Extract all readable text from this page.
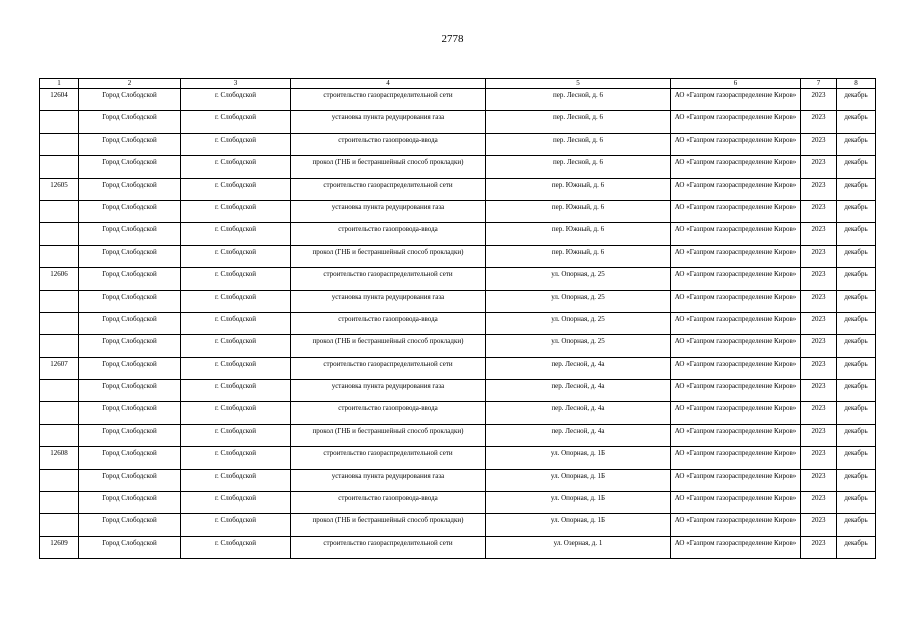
2778
1	2	3	4	5	6	7	8
12604	Город Слободской	г. Слободской	строительство газораспределительной сети	пер. Лесной, д. 6	АО «Газпром газораспределение Киров»	2023	декабрь
	Город Слободской	г. Слободской	установка пункта редуцирования газа	пер. Лесной, д. 6	АО «Газпром газораспределение Киров»	2023	декабрь
	Город Слободской	г. Слободской	строительство газопровода-ввода	пер. Лесной, д. 6	АО «Газпром газораспределение Киров»	2023	декабрь
	Город Слободской	г. Слободской	прокол (ГНБ и бестраншейный способ прокладки)	пер. Лесной, д. 6	АО «Газпром газораспределение Киров»	2023	декабрь
12605	Город Слободской	г. Слободской	строительство газораспределительной сети	пер. Южный, д. 6	АО «Газпром газораспределение Киров»	2023	декабрь
	Город Слободской	г. Слободской	установка пункта редуцирования газа	пер. Южный, д. 6	АО «Газпром газораспределение Киров»	2023	декабрь
	Город Слободской	г. Слободской	строительство газопровода-ввода	пер. Южный, д. 6	АО «Газпром газораспределение Киров»	2023	декабрь
	Город Слободской	г. Слободской	прокол (ГНБ и бестраншейный способ прокладки)	пер. Южный, д. 6	АО «Газпром газораспределение Киров»	2023	декабрь
12606	Город Слободской	г. Слободской	строительство газораспределительной сети	ул. Опорная, д. 25	АО «Газпром газораспределение Киров»	2023	декабрь
	Город Слободской	г. Слободской	установка пункта редуцирования газа	ул. Опорная, д. 25	АО «Газпром газораспределение Киров»	2023	декабрь
	Город Слободской	г. Слободской	строительство газопровода-ввода	ул. Опорная, д. 25	АО «Газпром газораспределение Киров»	2023	декабрь
	Город Слободской	г. Слободской	прокол (ГНБ и бестраншейный способ прокладки)	ул. Опорная, д. 25	АО «Газпром газораспределение Киров»	2023	декабрь
12607	Город Слободской	г. Слободской	строительство газораспределительной сети	пер. Лесной, д. 4а	АО «Газпром газораспределение Киров»	2023	декабрь
	Город Слободской	г. Слободской	установка пункта редуцирования газа	пер. Лесной, д. 4а	АО «Газпром газораспределение Киров»	2023	декабрь
	Город Слободской	г. Слободской	строительство газопровода-ввода	пер. Лесной, д. 4а	АО «Газпром газораспределение Киров»	2023	декабрь
	Город Слободской	г. Слободской	прокол (ГНБ и бестраншейный способ прокладки)	пер. Лесной, д. 4а	АО «Газпром газораспределение Киров»	2023	декабрь
12608	Город Слободской	г. Слободской	строительство газораспределительной сети	ул. Опорная, д. 1Б	АО «Газпром газораспределение Киров»	2023	декабрь
	Город Слободской	г. Слободской	установка пункта редуцирования газа	ул. Опорная, д. 1Б	АО «Газпром газораспределение Киров»	2023	декабрь
	Город Слободской	г. Слободской	строительство газопровода-ввода	ул. Опорная, д. 1Б	АО «Газпром газораспределение Киров»	2023	декабрь
	Город Слободской	г. Слободской	прокол (ГНБ и бестраншейный способ прокладки)	ул. Опорная, д. 1Б	АО «Газпром газораспределение Киров»	2023	декабрь
12609	Город Слободской	г. Слободской	строительство газораспределительной сети	ул. Озерная, д. 1	АО «Газпром газораспределение Киров»	2023	декабрь
